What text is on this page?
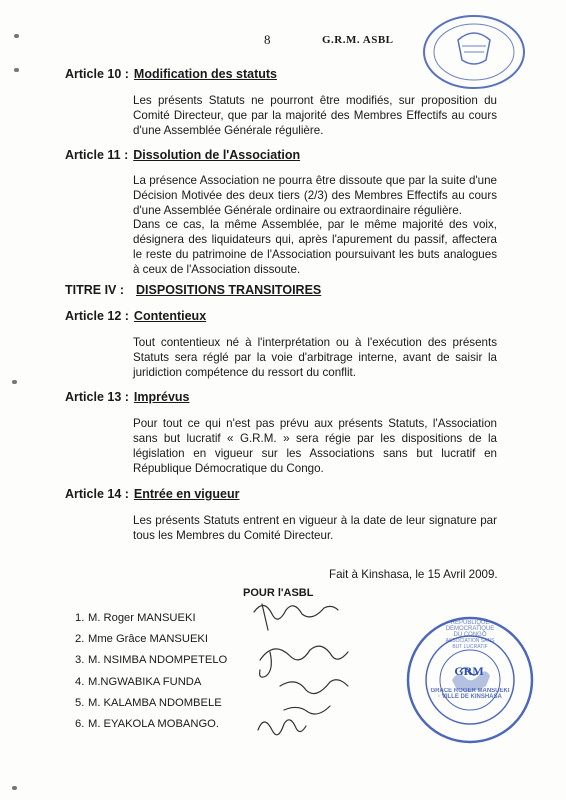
8	G.R.M. ASBL
Article 10 : Modification des statuts
Les présents Statuts ne pourront être modifiés, sur proposition du Comité Directeur, que par la majorité des Membres Effectifs au cours d'une Assemblée Générale régulière.
Article 11 : Dissolution de l'Association
La présence Association ne pourra être dissoute que par la suite d'une Décision Motivée des deux tiers (2/3) des Membres Effectifs au cours d'une Assemblée Générale ordinaire ou extraordinaire régulière.
Dans ce cas, la même Assemblée, par le même majorité des voix, désignera des liquidateurs qui, après l'apurement du passif, affectera le reste du patrimoine de l'Association poursuivant les buts analogues à ceux de l'Association dissoute.
TITRE IV : DISPOSITIONS TRANSITOIRES
Article 12 : Contentieux
Tout contentieux né à l'interprétation ou à l'exécution des présents Statuts sera réglé par la voie d'arbitrage interne, avant de saisir la juridiction compétence du ressort du conflit.
Article 13 : Imprévus
Pour tout ce qui n'est pas prévu aux présents Statuts, l'Association sans but lucratif « G.R.M. » sera régie par les dispositions de la législation en vigueur sur les Associations sans but lucratif en République Démocratique du Congo.
Article 14 : Entrée en vigueur
Les présents Statuts entrent en vigueur à la date de leur signature par tous les Membres du Comité Directeur.
Fait à Kinshasa, le 15 Avril 2009.
POUR l'ASBL
1. M. Roger MANSUEKI
2. Mme Grâce MANSUEKI
3. M. NSIMBA NDOMPETELO
4. M.NGWABIKA FUNDA
5. M. KALAMBA NDOMBELE
6. M. EYAKOLA MOBANGO.
GRACE ROGER MANSUEKI · VILLE DE KINSHASA
REPUBLIQUE DEMOCRATIQUE DU CONGO
ASSOCIATION SANS BUT LUCRATIF
GRM
